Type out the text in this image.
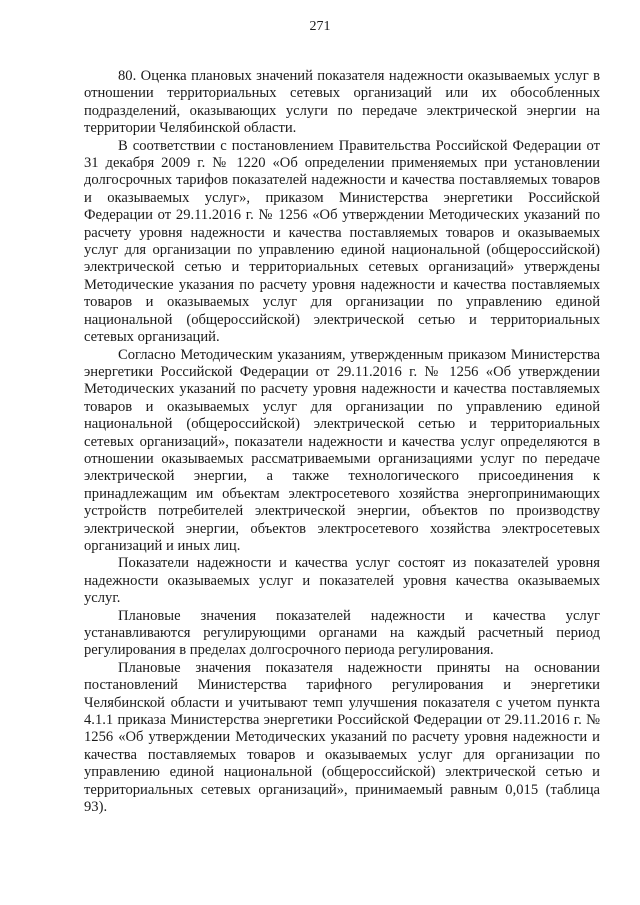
271

80. Оценка плановых значений показателя надежности оказываемых услуг в отношении территориальных сетевых организаций или их обособленных подразделений, оказывающих услуги по передаче электрической энергии на территории Челябинской области.

В соответствии с постановлением Правительства Российской Федерации от 31 декабря 2009 г. № 1220 «Об определении применяемых при установлении долгосрочных тарифов показателей надежности и качества поставляемых товаров и оказываемых услуг», приказом Министерства энергетики Российской Федерации от 29.11.2016 г. № 1256 «Об утверждении Методических указаний по расчету уровня надежности и качества поставляемых товаров и оказываемых услуг для организации по управлению единой национальной (общероссийской) электрической сетью и территориальных сетевых организаций» утверждены Методические указания по расчету уровня надежности и качества поставляемых товаров и оказываемых услуг для организации по управлению единой национальной (общероссийской) электрической сетью и территориальных сетевых организаций.

Согласно Методическим указаниям, утвержденным приказом Министерства энергетики Российской Федерации от 29.11.2016 г. № 1256 «Об утверждении Методических указаний по расчету уровня надежности и качества поставляемых товаров и оказываемых услуг для организации по управлению единой национальной (общероссийской) электрической сетью и территориальных сетевых организаций», показатели надежности и качества услуг определяются в отношении оказываемых рассматриваемыми организациями услуг по передаче электрической энергии, а также технологического присоединения к принадлежащим им объектам электросетевого хозяйства энергопринимающих устройств потребителей электрической энергии, объектов по производству электрической энергии, объектов электросетевого хозяйства электросетевых организаций и иных лиц.

Показатели надежности и качества услуг состоят из показателей уровня надежности оказываемых услуг и показателей уровня качества оказываемых услуг.

Плановые значения показателей надежности и качества услуг устанавливаются регулирующими органами на каждый расчетный период регулирования в пределах долгосрочного периода регулирования.

Плановые значения показателя надежности приняты на основании постановлений Министерства тарифного регулирования и энергетики Челябинской области и учитывают темп улучшения показателя с учетом пункта 4.1.1 приказа Министерства энергетики Российской Федерации от 29.11.2016 г. № 1256 «Об утверждении Методических указаний по расчету уровня надежности и качества поставляемых товаров и оказываемых услуг для организации по управлению единой национальной (общероссийской) электрической сетью и территориальных сетевых организаций», принимаемый равным 0,015 (таблица 93).
